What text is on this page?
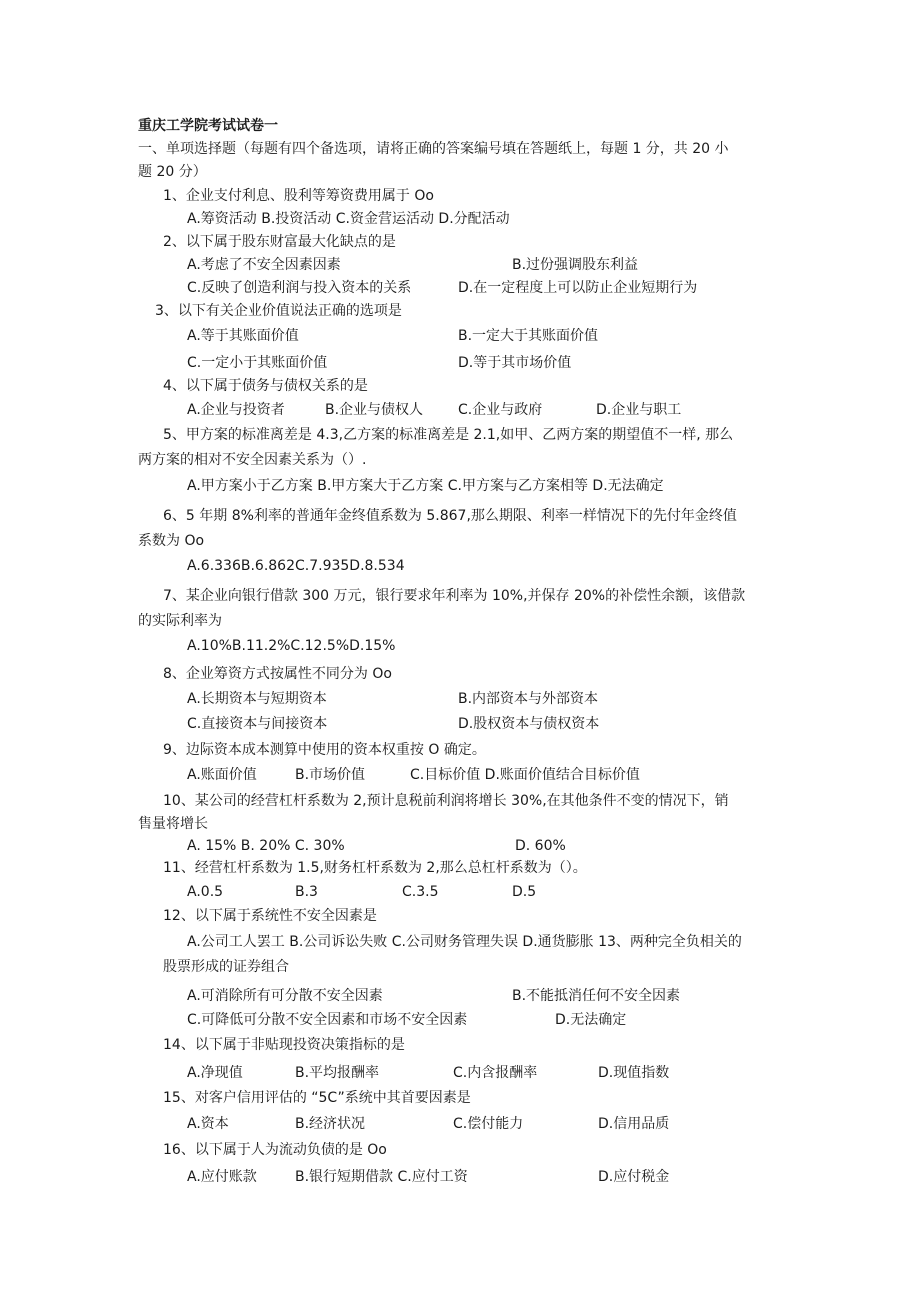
重庆工学院考试试卷一
一、单项选择题（每题有四个备选项，请将正确的答案编号填在答题纸上，每题 1 分，共 20 小
题 20 分）
1、企业支付利息、股利等筹资费用属于 Oo
A.筹资活动 B.投资活动 C.资金营运活动 D.分配活动
2、以下属于股东财富最大化缺点的是
A.考虑了不安全因素因素	B.过份强调股东利益
C.反映了创造利润与投入资本的关系	D.在一定程度上可以防止企业短期行为
3、以下有关企业价值说法正确的选项是
A.等于其账面价值	B.一定大于其账面价值
C.一定小于其账面价值	D.等于其市场价值
4、以下属于债务与债权关系的是
A.企业与投资者	B.企业与债权人 C.企业与政府	D.企业与职工
5、甲方案的标准离差是 4.3,乙方案的标准离差是 2.1,如甲、乙两方案的期望值不一样, 那么
两方案的相对不安全因素关系为（）.
A.甲方案小于乙方案 B.甲方案大于乙方案 C.甲方案与乙方案相等 D.无法确定
6、5 年期 8%利率的普通年金终值系数为 5.867,那么期限、利率一样情况下的先付年金终值
系数为 Oo
A.6.336B.6.862C.7.935D.8.534
7、某企业向银行借款 300 万元，银行要求年利率为 10%,并保存 20%的补偿性余额，该借款
的实际利率为
A.10%B.11.2%C.12.5%D.15%
8、企业筹资方式按属性不同分为 Oo
A.长期资本与短期资本	B.内部资本与外部资本
C.直接资本与间接资本	D.股权资本与债权资本
9、边际资本成本测算中使用的资本权重按 O 确定。
A.账面价值	B.市场价值	C.目标价值 D.账面价值结合目标价值
10、某公司的经营杠杆系数为 2,预计息税前利润将增长 30%,在其他条件不变的情况下，销
售量将增长
A. 15% B. 20% C. 30%	D. 60%
11、经营杠杆系数为 1.5,财务杠杆系数为 2,那么总杠杆系数为（）。
A.0.5	B.3	C.3.5	D.5
12、以下属于系统性不安全因素是
A.公司工人罢工 B.公司诉讼失败 C.公司财务管理失误 D.通货膨胀 13、两种完全负相关的
股票形成的证券组合
A.可消除所有可分散不安全因素	B.不能抵消任何不安全因素
C.可降低可分散不安全因素和市场不安全因素	D.无法确定
14、以下属于非贴现投资决策指标的是
A.净现值	B.平均报酬率	C.内含报酬率	D.现值指数
15、对客户信用评估的 “5C”系统中其首要因素是
A.资本	B.经济状况	C.偿付能力	D.信用品质
16、以下属于人为流动负债的是 Oo
A.应付账款	B.银行短期借款 C.应付工资	D.应付税金
